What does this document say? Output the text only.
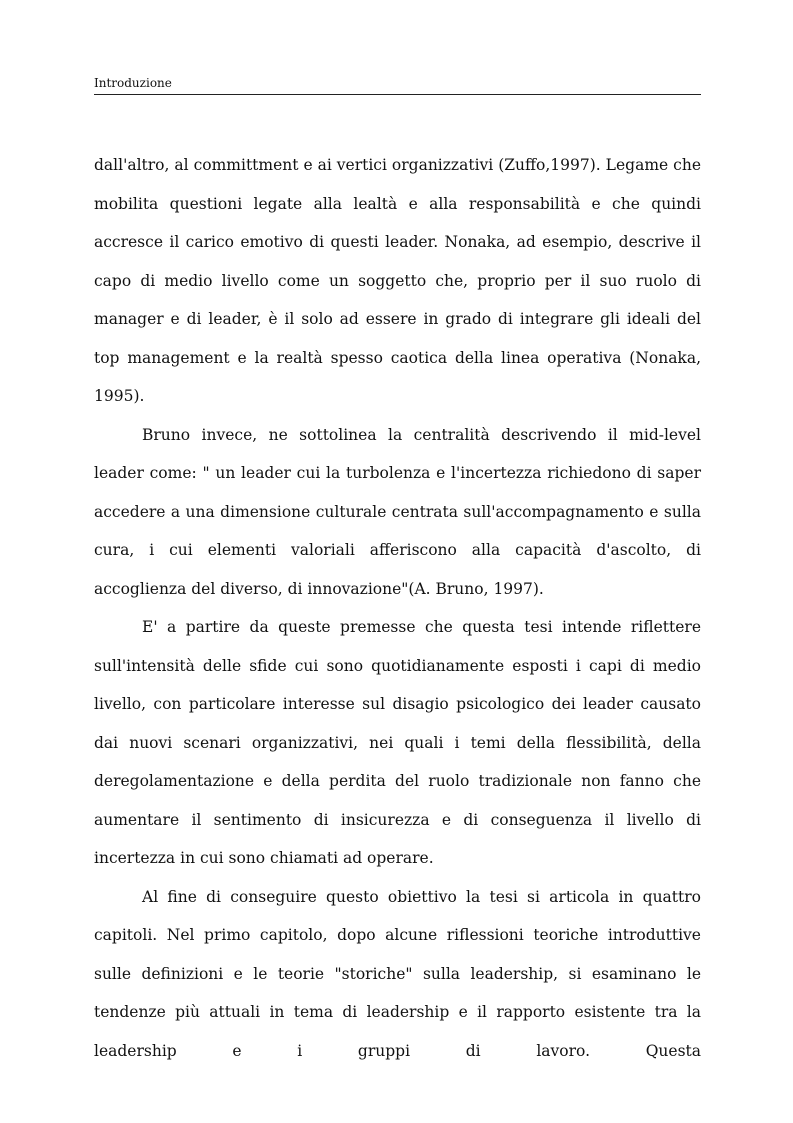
Introduzione

dall'altro, al committment e ai vertici organizzativi (Zuffo,1997). Legame che mobilita questioni legate alla lealtà e alla responsabilità e che quindi accresce il carico emotivo di questi leader. Nonaka, ad esempio, descrive il capo di medio livello come un soggetto che, proprio per il suo ruolo di manager e di leader, è il solo ad essere in grado di integrare gli ideali del top management e la realtà spesso caotica della linea operativa (Nonaka, 1995).

Bruno invece, ne sottolinea la centralità descrivendo il mid-level leader come: " un leader cui la turbolenza e l'incertezza richiedono di saper accedere a una dimensione culturale centrata sull'accompagnamento e sulla cura, i cui elementi valoriali afferiscono alla capacità d'ascolto, di accoglienza del diverso, di innovazione"(A. Bruno, 1997).

E' a partire da queste premesse che questa tesi intende riflettere sull'intensità delle sfide cui sono quotidianamente esposti i capi di medio livello, con particolare interesse sul disagio psicologico dei leader causato dai nuovi scenari organizzativi, nei quali i temi della flessibilità, della deregolamentazione e della perdita del ruolo tradizionale non fanno che aumentare il sentimento di insicurezza e di conseguenza il livello di incertezza in cui sono chiamati ad operare.

Al fine di conseguire questo obiettivo la tesi si articola in quattro capitoli. Nel primo capitolo, dopo alcune riflessioni teoriche introduttive sulle definizioni e le teorie "storiche" sulla leadership, si esaminano le tendenze più attuali in tema di leadership e il rapporto esistente tra la leadership e i gruppi di lavoro. Questa
